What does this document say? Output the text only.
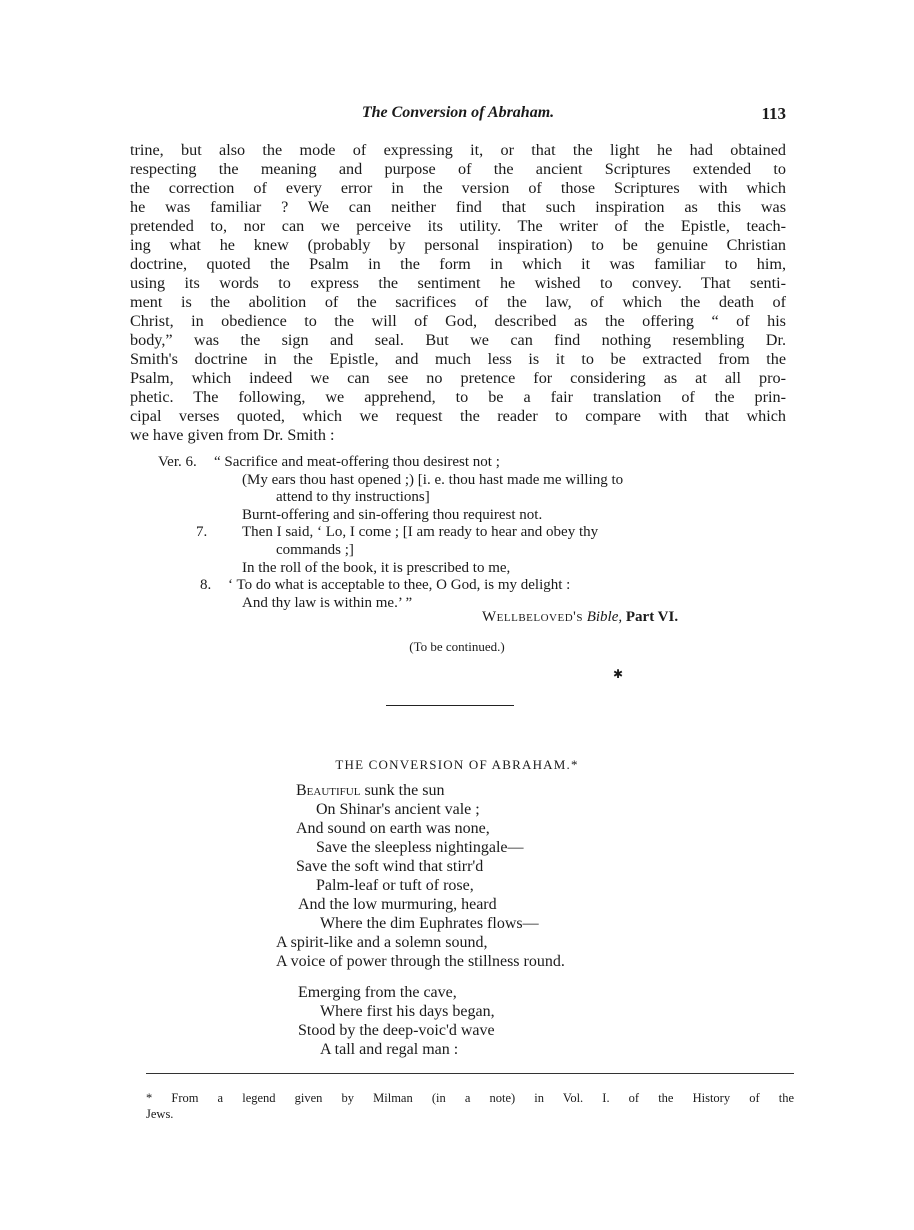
The Conversion of Abraham.	113
trine, but also the mode of expressing it, or that the light he had obtained
respecting the meaning and purpose of the ancient Scriptures extended to
the correction of every error in the version of those Scriptures with which
he was familiar ? We can neither find that such inspiration as this was
pretended to, nor can we perceive its utility. The writer of the Epistle, teach-
ing what he knew (probably by personal inspiration) to be genuine Christian
doctrine, quoted the Psalm in the form in which it was familiar to him,
using its words to express the sentiment he wished to convey. That senti-
ment is the abolition of the sacrifices of the law, of which the death of
Christ, in obedience to the will of God, described as the offering “ of his
body,” was the sign and seal. But we can find nothing resembling Dr.
Smith's doctrine in the Epistle, and much less is it to be extracted from the
Psalm, which indeed we can see no pretence for considering as at all pro-
phetic. The following, we apprehend, to be a fair translation of the prin-
cipal verses quoted, which we request the reader to compare with that which
we have given from Dr. Smith :
Ver. 6. “ Sacrifice and meat-offering thou desirest not ;
(My ears thou hast opened ;) [i. e. thou hast made me willing to
attend to thy instructions]
Burnt-offering and sin-offering thou requirest not.
7. Then I said, ‘ Lo, I come ; [I am ready to hear and obey thy
commands ;]
In the roll of the book, it is prescribed to me,
8. ‘ To do what is acceptable to thee, O God, is my delight :
And thy law is within me.’ ”
Wellbeloved's Bible, Part VI.
(To be continued.)
✱
THE CONVERSION OF ABRAHAM.*
Beautiful sunk the sun
On Shinar's ancient vale ;
And sound on earth was none,
Save the sleepless nightingale—
Save the soft wind that stirr'd
Palm-leaf or tuft of rose,
And the low murmuring, heard
Where the dim Euphrates flows—
A spirit-like and a solemn sound,
A voice of power through the stillness round.
Emerging from the cave,
Where first his days began,
Stood by the deep-voic'd wave
A tall and regal man :
* From a legend given by Milman (in a note) in Vol. I. of the History of the
Jews.
